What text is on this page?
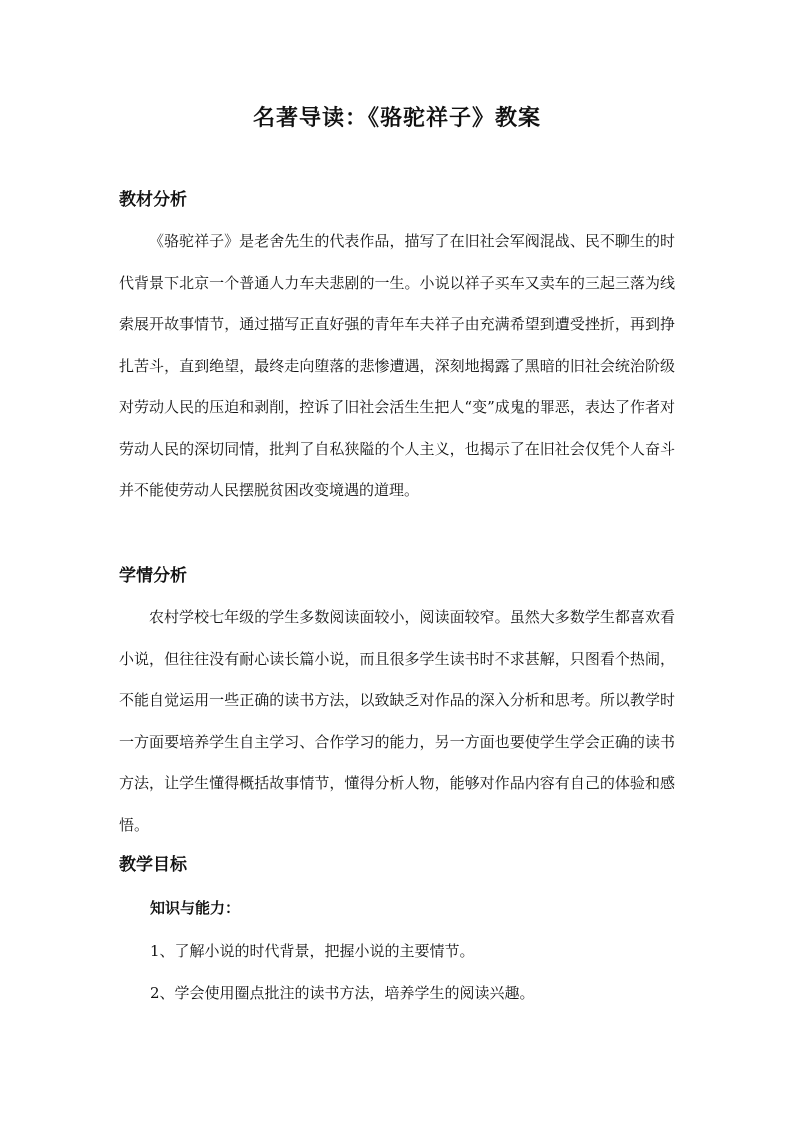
名著导读：《骆驼祥子》教案
教材分析

《骆驼祥子》是老舍先生的代表作品，描写了在旧社会军阀混战、民不聊生的时代背景下北京一个普通人力车夫悲剧的一生。小说以祥子买车又卖车的三起三落为线索展开故事情节，通过描写正直好强的青年车夫祥子由充满希望到遭受挫折，再到挣扎苦斗，直到绝望，最终走向堕落的悲惨遭遇，深刻地揭露了黑暗的旧社会统治阶级对劳动人民的压迫和剥削，控诉了旧社会活生生把人“变”成鬼的罪恶，表达了作者对劳动人民的深切同情，批判了自私狭隘的个人主义，也揭示了在旧社会仅凭个人奋斗并不能使劳动人民摆脱贫困改变境遇的道理。

学情分析

农村学校七年级的学生多数阅读面较小，阅读面较窄。虽然大多数学生都喜欢看小说，但往往没有耐心读长篇小说，而且很多学生读书时不求甚解，只图看个热闹，不能自觉运用一些正确的读书方法，以致缺乏对作品的深入分析和思考。所以教学时一方面要培养学生自主学习、合作学习的能力，另一方面也要使学生学会正确的读书方法，让学生懂得概括故事情节，懂得分析人物，能够对作品内容有自己的体验和感悟。

教学目标

知识与能力：

1、了解小说的时代背景，把握小说的主要情节。

2、学会使用圈点批注的读书方法，培养学生的阅读兴趣。
